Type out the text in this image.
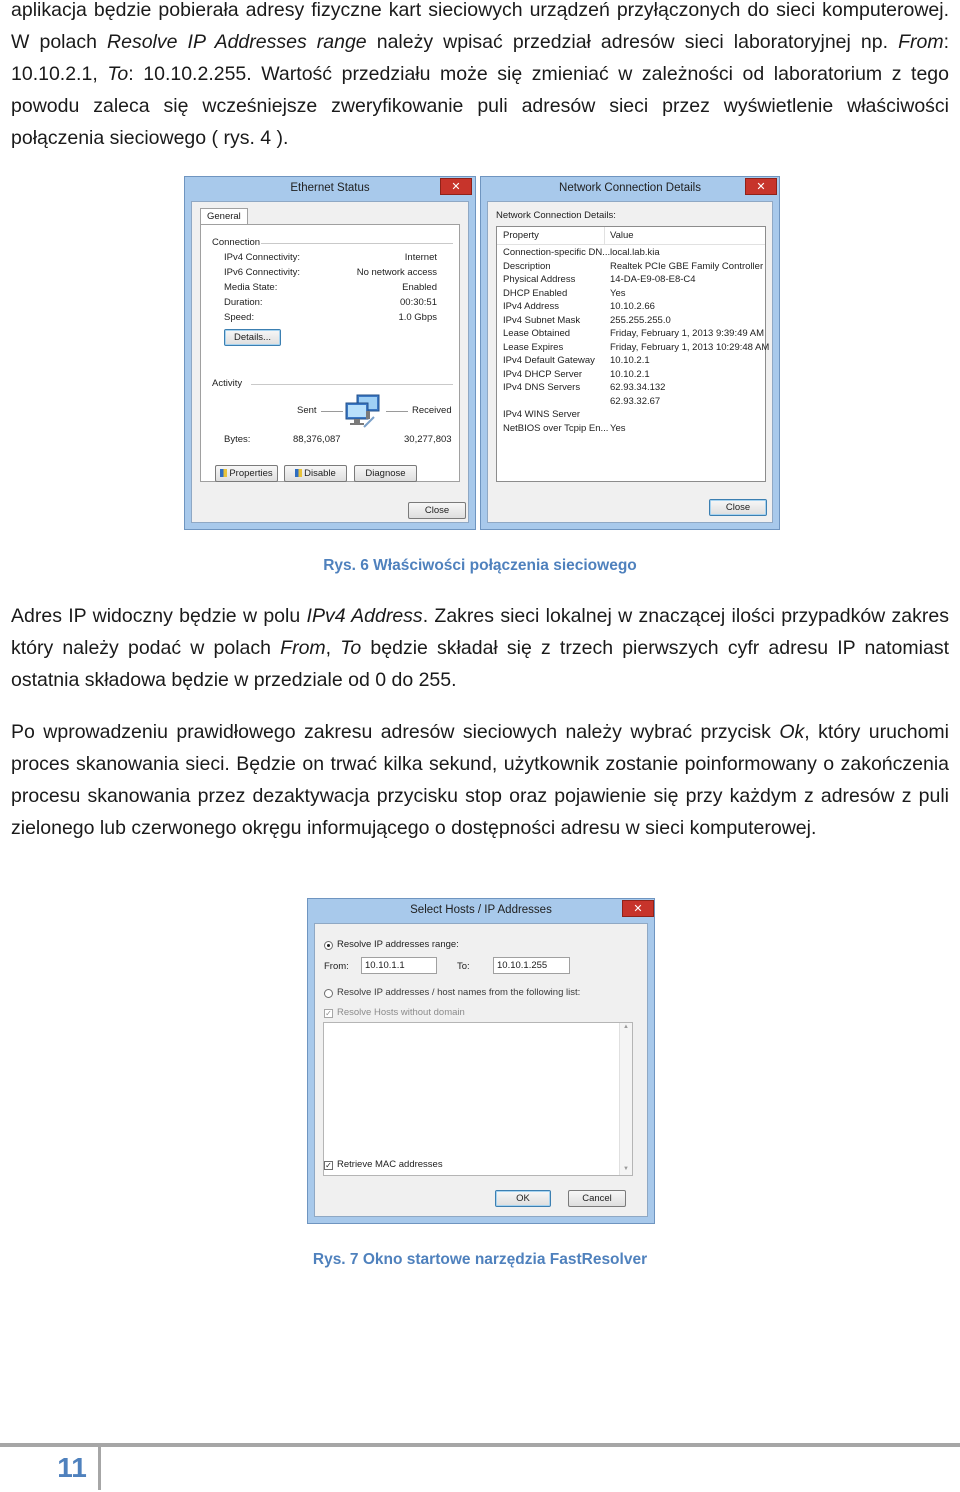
aplikacja będzie pobierała adresy fizyczne kart sieciowych urządzeń przyłączonych do sieci komputerowej. W polach Resolve IP Addresses range należy wpisać przedział adresów sieci laboratoryjnej np. From: 10.10.2.1, To: 10.10.2.255. Wartość przedziału może się zmieniać w zależności od laboratorium z tego powodu zaleca się wcześniejsze zweryfikowanie puli adresów sieci przez wyświetlenie właściwości połączenia sieciowego ( rys. 4 ).
Ethernet Status	✕
General
Connection
IPv4 Connectivity:	Internet
IPv6 Connectivity:	No network access
Media State:	Enabled
Duration:	00:30:51
Speed:	1.0 Gbps
Details...
Activity
Sent	Received
Bytes:	88,376,087	30,277,803
Properties	Disable	Diagnose
Close
Network Connection Details	✕
Network Connection Details:
Property	Value
Connection-specific DN... local.lab.kia
Description	Realtek PCIe GBE Family Controller
Physical Address	14-DA-E9-08-E8-C4
DHCP Enabled	Yes
IPv4 Address	10.10.2.66
IPv4 Subnet Mask	255.255.255.0
Lease Obtained	Friday, February 1, 2013 9:39:49 AM
Lease Expires	Friday, February 1, 2013 10:29:48 AM
IPv4 Default Gateway 10.10.2.1
IPv4 DHCP Server	10.10.2.1
IPv4 DNS Servers	62.93.34.132
62.93.32.67
IPv4 WINS Server
NetBIOS over Tcpip En... Yes
Close
Rys. 6 Właściwości połączenia sieciowego
Adres IP widoczny będzie w polu IPv4 Address. Zakres sieci lokalnej w znaczącej ilości przypadków zakres który należy podać w polach From, To będzie składał się z trzech pierwszych cyfr adresu IP natomiast ostatnia składowa będzie w przedziale od 0 do 255.
Po wprowadzeniu prawidłowego zakresu adresów sieciowych należy wybrać przycisk Ok, który uruchomi proces skanowania sieci. Będzie on trwać kilka sekund, użytkownik zostanie poinformowany o zakończenia procesu skanowania przez dezaktywacja przycisku stop oraz pojawienie się przy każdym z adresów z puli zielonego lub czerwonego okręgu informującego o dostępności adresu w sieci komputerowej.
Select Hosts / IP Addresses	✕
Resolve IP addresses range:
From:	10.10.1.1	To:	10.10.1.255
Resolve IP addresses / host names from the following list:
✓ Resolve Hosts without domain
▲
▼
✓ Retrieve MAC addresses
OK	Cancel
Rys. 7 Okno startowe narzędzia FastResolver
11
